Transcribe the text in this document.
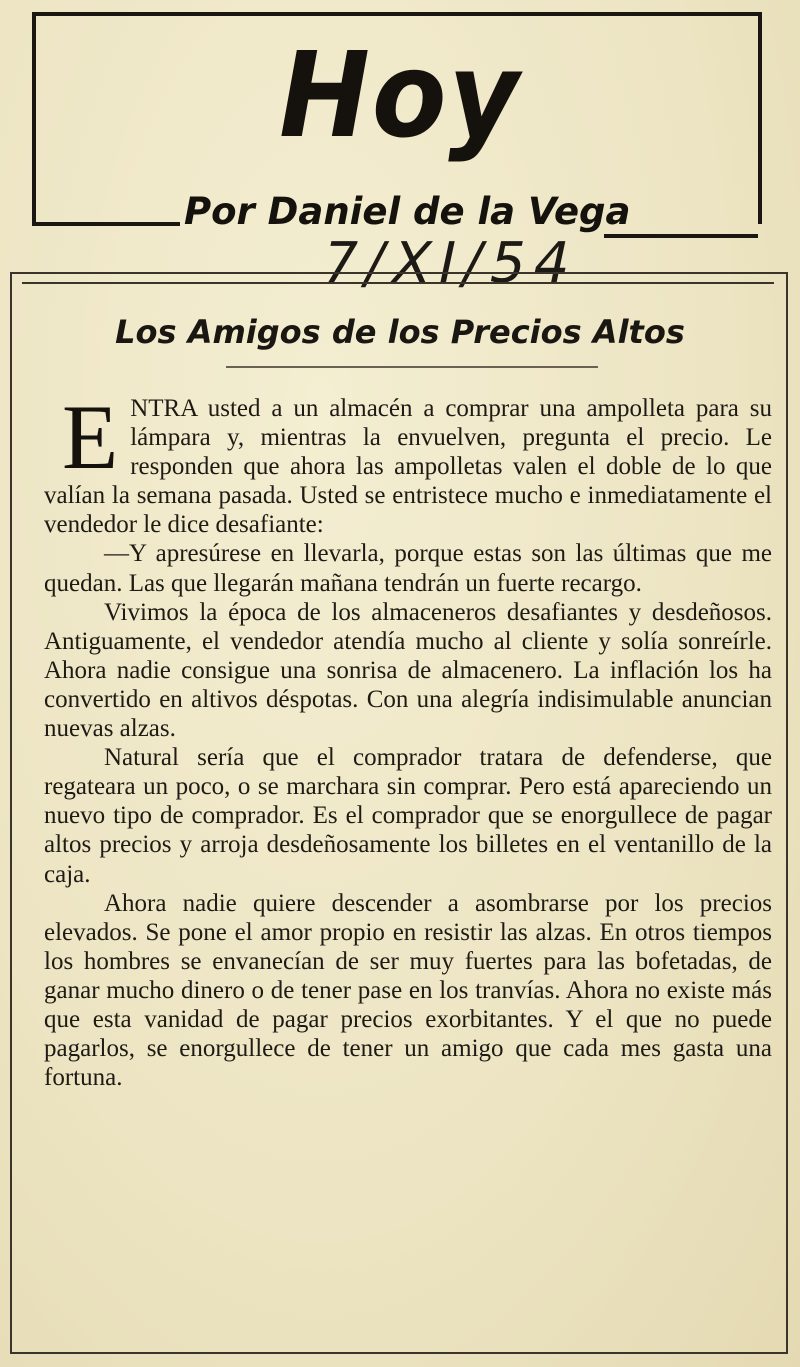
Hoy
Por Daniel de la Vega
7/XI/54
Los Amigos de los Precios Altos

ENTRA usted a un almacén a comprar una ampolleta para su lámpara y, mientras la envuelven, pregunta el precio. Le responden que ahora las ampolletas valen el doble de lo que valían la semana pasada. Usted se entristece mucho e inmediatamente el vendedor le dice desafiante:

—Y apresúrese en llevarla, porque estas son las últimas que me quedan. Las que llegarán mañana tendrán un fuerte recargo.

Vivimos la época de los almaceneros desafiantes y desdeñosos. Antiguamente, el vendedor atendía mucho al cliente y solía sonreírle. Ahora nadie consigue una sonrisa de almacenero. La inflación los ha convertido en altivos déspotas. Con una alegría indisimulable anuncian nuevas alzas.

Natural sería que el comprador tratara de defenderse, que regateara un poco, o se marchara sin comprar. Pero está apareciendo un nuevo tipo de comprador. Es el comprador que se enorgullece de pagar altos precios y arroja desdeñosamente los billetes en el ventanillo de la caja.

Ahora nadie quiere descender a asombrarse por los precios elevados. Se pone el amor propio en resistir las alzas. En otros tiempos los hombres se envanecían de ser muy fuertes para las bofetadas, de ganar mucho dinero o de tener pase en los tranvías. Ahora no existe más que esta vanidad de pagar precios exorbitantes. Y el que no puede pagarlos, se enorgullece de tener un amigo que cada mes gasta una fortuna.
